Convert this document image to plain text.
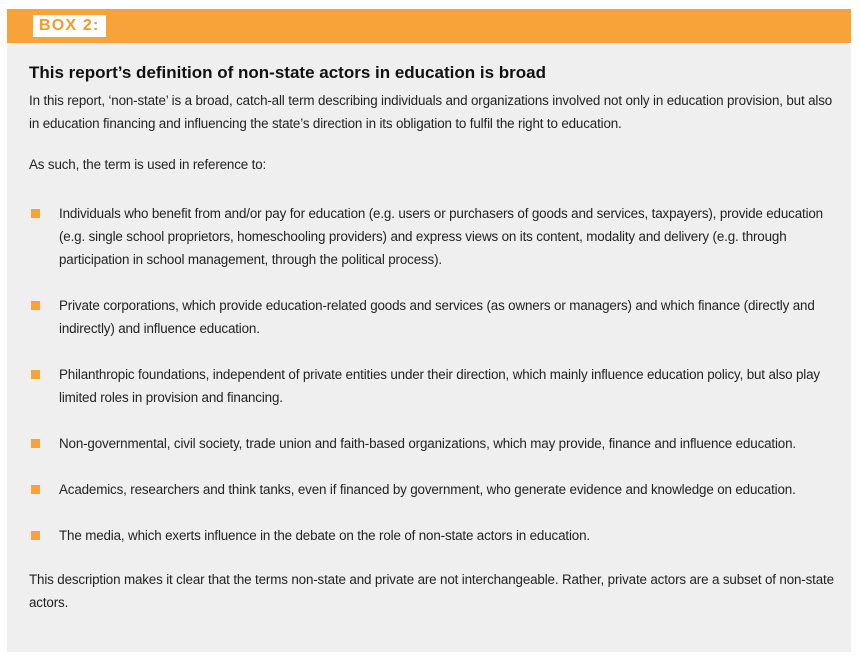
BOX 2:
This report’s definition of non-state actors in education is broad

In this report, ‘non-state’ is a broad, catch-all term describing individuals and organizations involved not only in education provision, but also in education financing and influencing the state’s direction in its obligation to fulfil the right to education.

As such, the term is used in reference to:

Individuals who benefit from and/or pay for education (e.g. users or purchasers of goods and services, taxpayers), provide education (e.g. single school proprietors, homeschooling providers) and express views on its content, modality and delivery (e.g. through participation in school management, through the political process).
Private corporations, which provide education-related goods and services (as owners or managers) and which finance (directly and indirectly) and influence education.
Philanthropic foundations, independent of private entities under their direction, which mainly influence education policy, but also play limited roles in provision and financing.
Non-governmental, civil society, trade union and faith-based organizations, which may provide, finance and influence education.
Academics, researchers and think tanks, even if financed by government, who generate evidence and knowledge on education.
The media, which exerts influence in the debate on the role of non-state actors in education.

This description makes it clear that the terms non-state and private are not interchangeable. Rather, private actors are a subset of non-state actors.
